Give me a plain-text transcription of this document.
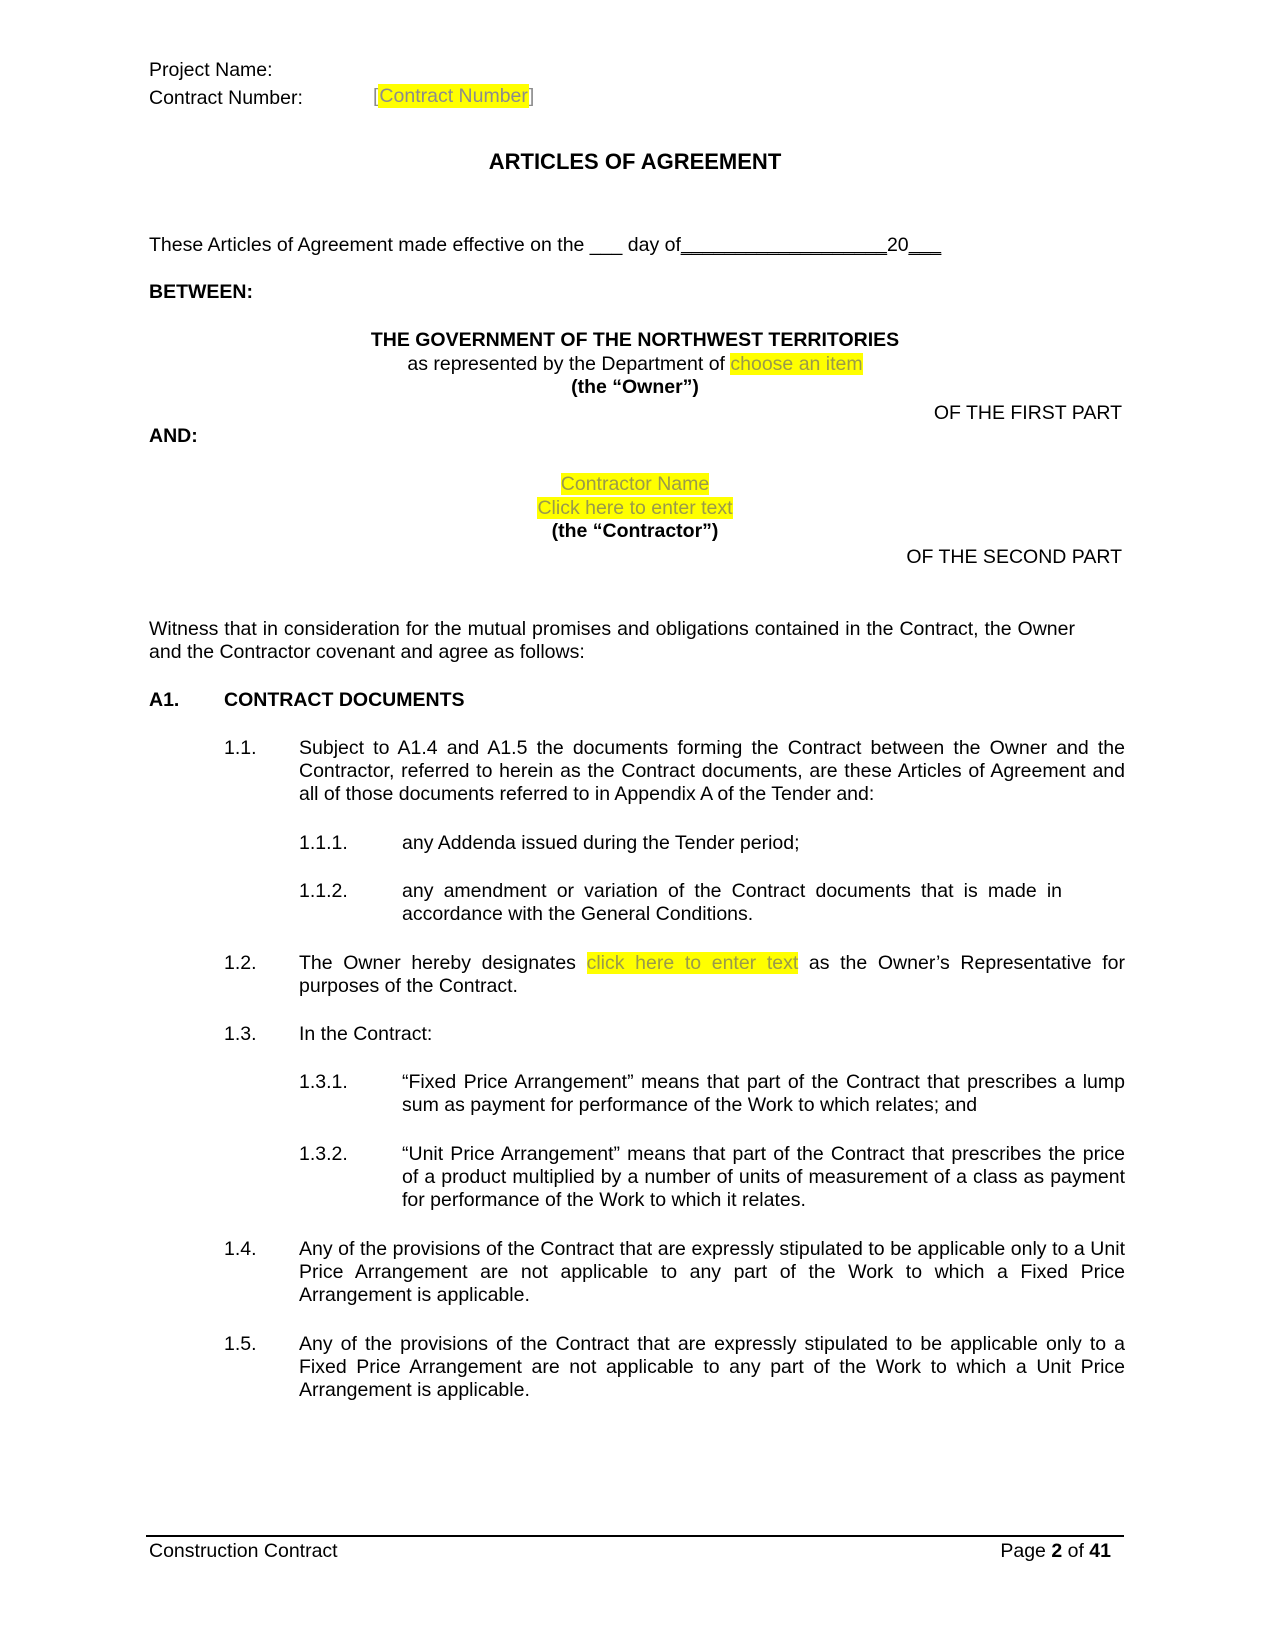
Project Name:
Contract Number:	[Contract Number]
ARTICLES OF AGREEMENT
These Articles of Agreement made effective on the ___ day of___________________20___
BETWEEN:
THE GOVERNMENT OF THE NORTHWEST TERRITORIES
as represented by the Department of choose an item
(the “Owner”)
OF THE FIRST PART
AND:
Contractor Name
Click here to enter text
(the “Contractor”)
OF THE SECOND PART
Witness that in consideration for the mutual promises and obligations contained in the Contract, the Owner and the Contractor covenant and agree as follows:
A1. CONTRACT DOCUMENTS
1.1. Subject to A1.4 and A1.5 the documents forming the Contract between the Owner and the Contractor, referred to herein as the Contract documents, are these Articles of Agreement and all of those documents referred to in Appendix A of the Tender and:
1.1.1.	any Addenda issued during the Tender period;
1.1.2.	any amendment or variation of the Contract documents that is made in accordance with the General Conditions.
1.2. The Owner hereby designates click here to enter text as the Owner’s Representative for purposes of the Contract.
1.3. In the Contract:
1.3.1.	“Fixed Price Arrangement” means that part of the Contract that prescribes a lump sum as payment for performance of the Work to which relates; and
1.3.2.	“Unit Price Arrangement” means that part of the Contract that prescribes the price of a product multiplied by a number of units of measurement of a class as payment for performance of the Work to which it relates.
1.4. Any of the provisions of the Contract that are expressly stipulated to be applicable only to a Unit Price Arrangement are not applicable to any part of the Work to which a Fixed Price Arrangement is applicable.
1.5. Any of the provisions of the Contract that are expressly stipulated to be applicable only to a Fixed Price Arrangement are not applicable to any part of the Work to which a Unit Price Arrangement is applicable.
Construction Contract	Page 2 of 41
